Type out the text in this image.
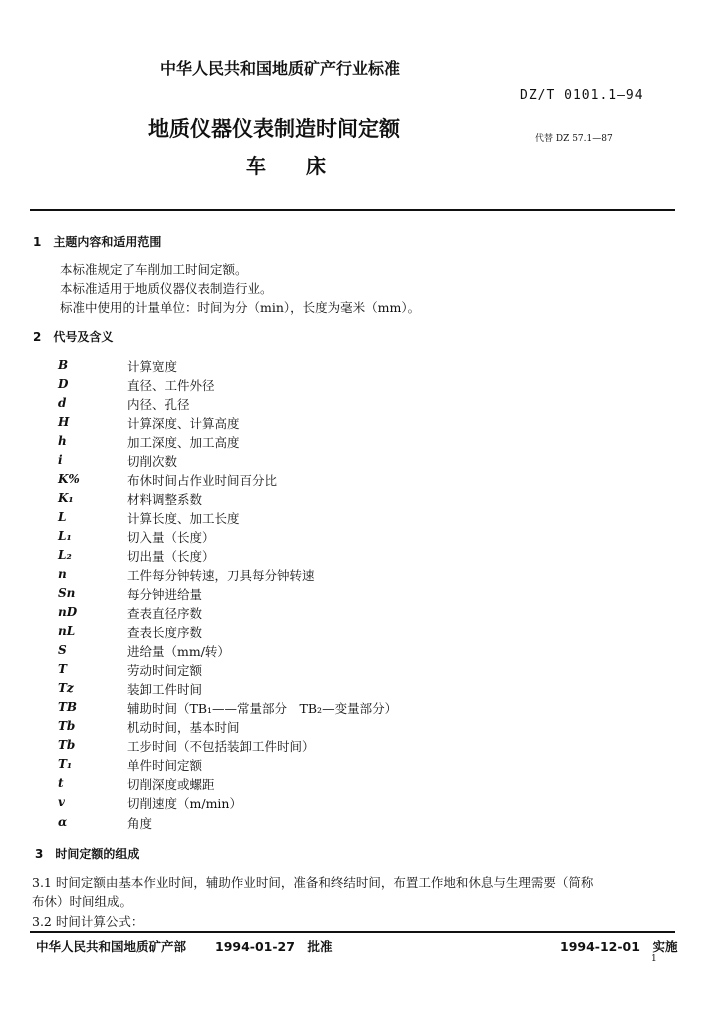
中华人民共和国地质矿产行业标准
DZ/T 0101.1—94
地质仪器仪表制造时间定额	代替 DZ 57.1—87
车　　床
1　主题内容和适用范围
本标准规定了车削加工时间定额。
本标准适用于地质仪器仪表制造行业。
标准中使用的计量单位：时间为分（min），长度为毫米（mm）。
2　代号及含义
B	计算宽度
D	直径、工件外径
d	内径、孔径
H	计算深度、计算高度
h	加工深度、加工高度
i	切削次数
K%	布休时间占作业时间百分比
K₁	材料调整系数
L	计算长度、加工长度
L₁	切入量（长度）
L₂	切出量（长度）
n	工件每分钟转速，刀具每分钟转速
Sn	每分钟进给量
nD	查表直径序数
nL	查表长度序数
S	进给量（mm/转）
T	劳动时间定额
Tz	装卸工件时间
TB	辅助时间（TB₁——常量部分　TB₂—变量部分）
Tb	机动时间，基本时间
Tb	工步时间（不包括装卸工件时间）
T₁	单件时间定额
t	切削深度或螺距
v	切削速度（m/min）
α	角度
3　时间定额的组成
3.1 时间定额由基本作业时间，辅助作业时间，准备和终结时间，布置工作地和休息与生理需要（简称
布休）时间组成。
3.2 时间计算公式：
中华人民共和国地质矿产部 1994-01-27　批准	1994-12-01　实施
1
